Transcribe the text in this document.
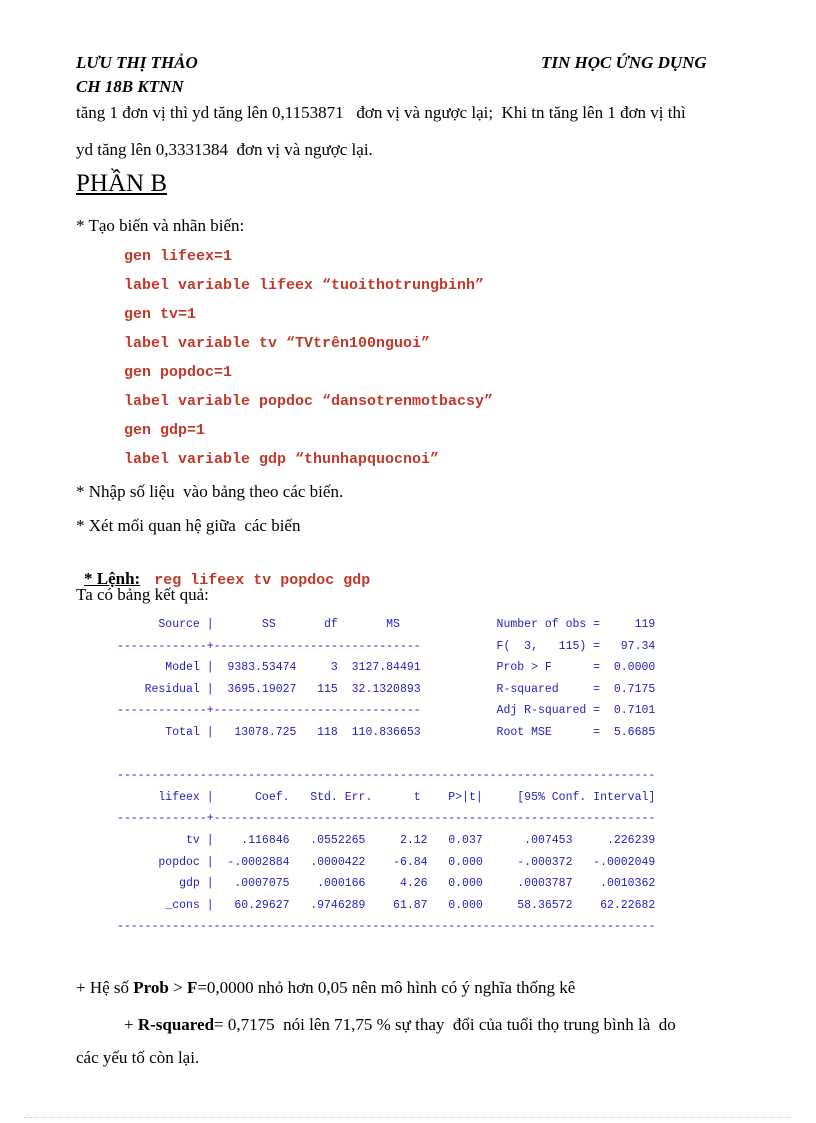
LƯU THỊ THẢO	TIN HỌC ỨNG DỤNG
CH 18B KTNN
tăng 1 đơn vị thì yd tăng lên 0,1153871   đơn vị và ngược lại;  Khi tn tăng lên 1 đơn vị thì
yd tăng lên 0,3331384  đơn vị và ngược lại.
PHẦN B
* Tạo biến và nhãn biến:
gen lifeex=1
label variable lifeex “tuoithotrungbinh”
gen tv=1
label variable tv “TVtrên100nguoi”
gen popdoc=1
label variable popdoc “dansotrenmotbacsy”
gen gdp=1
label variable gdp “thunhapquocnoi”
* Nhập số liệu  vào bảng theo các biến.
* Xét mối quan hệ giữa  các biến

* Lệnh: reg lifeex tv popdoc gdp

Ta có bảng kết quả:
Source |       SS       df       MS              Number of obs =     119
-------------+------------------------------           F(  3,   115) =   97.34
Model |  9383.53474     3  3127.84491           Prob > F      =  0.0000
Residual |  3695.19027   115  32.1320893           R-squared     =  0.7175
-------------+------------------------------           Adj R-squared =  0.7101
Total |   13078.725   118  110.836653           Root MSE      =  5.6685
------------------------------------------------------------------------------
lifeex |      Coef.   Std. Err.      t    P>|t|     [95% Conf. Interval]
-------------+----------------------------------------------------------------
tv |    .116846   .0552265     2.12   0.037      .007453     .226239
popdoc |  -.0002884   .0000422    -6.84   0.000     -.000372   -.0002049
gdp |   .0007075    .000166     4.26   0.000     .0003787    .0010362
_cons |   60.29627   .9746289    61.87   0.000     58.36572    62.22682
------------------------------------------------------------------------------
+ Hệ số Prob > F=0,0000 nhỏ hơn 0,05 nên mô hình có ý nghĩa thống kê
+ R-squared= 0,7175  nói lên 71,75 % sự thay  đổi của tuổi thọ trung bình là  do
các yếu tố còn lại.
